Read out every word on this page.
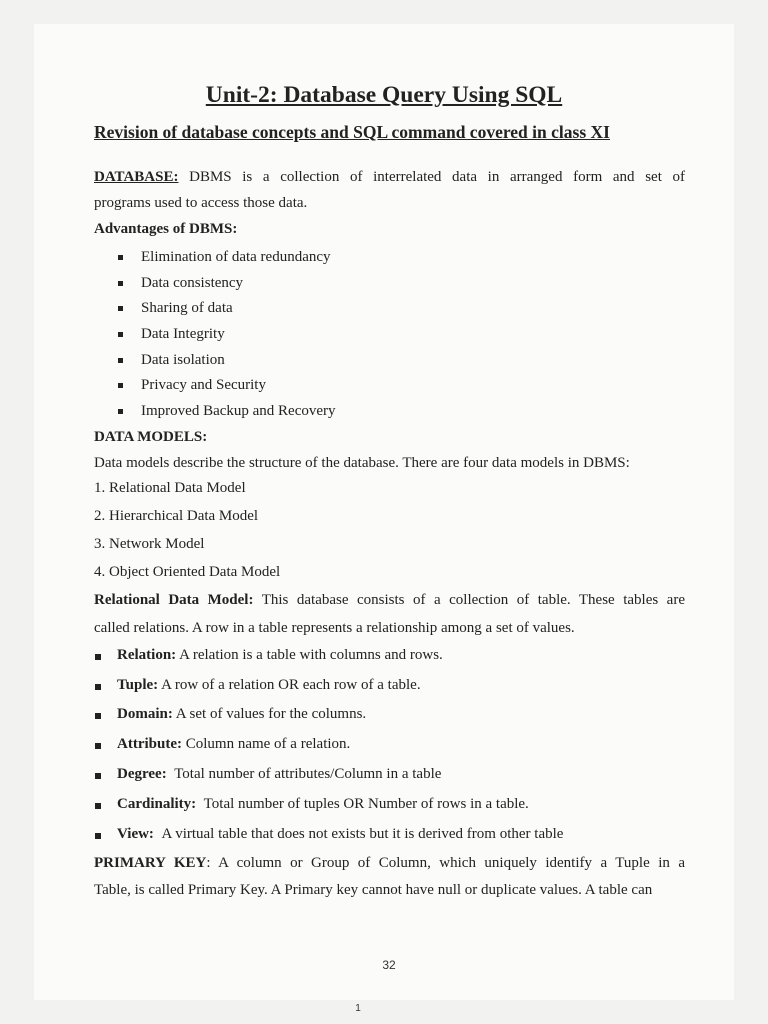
Unit-2: Database Query Using SQL
Revision of database concepts and SQL command covered in class XI
DATABASE: DBMS is a collection of interrelated data in arranged form and set of
programs used to access those data.
Advantages of DBMS:
Elimination of data redundancy
Data consistency
Sharing of data
Data Integrity
Data isolation
Privacy and Security
Improved Backup and Recovery
DATA MODELS:
Data models describe the structure of the database. There are four data models in DBMS:
1. Relational Data Model
2. Hierarchical Data Model
3. Network Model
4. Object Oriented Data Model
Relational Data Model: This database consists of a collection of table. These tables are
called relations. A row in a table represents a relationship among a set of values.
Relation: A relation is a table with columns and rows.
Tuple: A row of a relation OR each row of a table.
Domain: A set of values for the columns.
Attribute: Column name of a relation.
Degree: Total number of attributes/Column in a table
Cardinality: Total number of tuples OR Number of rows in a table.
View: A virtual table that does not exists but it is derived from other table
PRIMARY KEY: A column or Group of Column, which uniquely identify a Tuple in a
Table, is called Primary Key. A Primary key cannot have null or duplicate values. A table can
32
1
